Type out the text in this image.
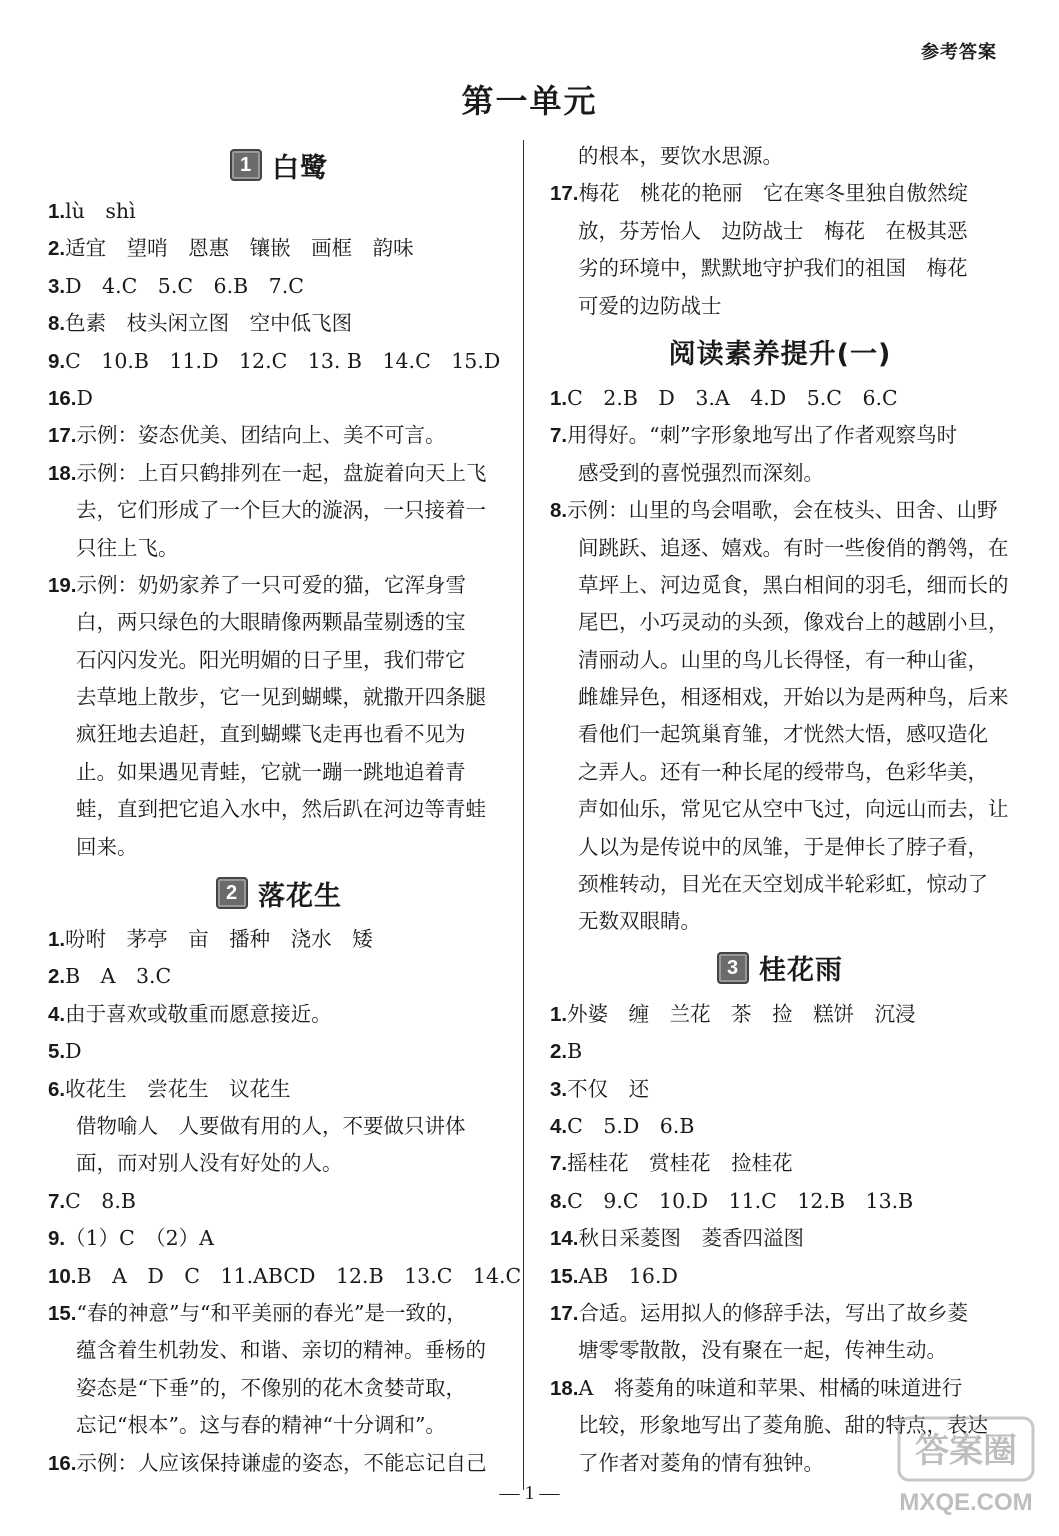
参考答案
第一单元
1 白鹭
1.lù　shì
2.适宜　望哨　恩惠　镶嵌　画框　韵味
3.D　4.C　5.C　6.B　7.C
8.色素　枝头闲立图　空中低飞图
9.C　10.B　11.D　12.C　13. B　14.C　15.D
16.D
17.示例：姿态优美、团结向上、美不可言。
18.示例：上百只鹤排列在一起，盘旋着向天上飞
去，它们形成了一个巨大的漩涡，一只接着一
只往上飞。
19.示例：奶奶家养了一只可爱的猫，它浑身雪
白，两只绿色的大眼睛像两颗晶莹剔透的宝
石闪闪发光。阳光明媚的日子里，我们带它
去草地上散步，它一见到蝴蝶，就撒开四条腿
疯狂地去追赶，直到蝴蝶飞走再也看不见为
止。如果遇见青蛙，它就一蹦一跳地追着青
蛙，直到把它追入水中，然后趴在河边等青蛙
回来。
2 落花生
1.吩咐　茅亭　亩　播种　浇水　矮
2.B　A　3.C
4.由于喜欢或敬重而愿意接近。
5.D
6.收花生　尝花生　议花生
借物喻人　人要做有用的人，不要做只讲体
面，而对别人没有好处的人。
7.C　8.B
9.（1）C　（2）A
10.B　A　D　C　11.ABCD　12.B　13.C　14.C
15.“春的神意”与“和平美丽的春光”是一致的，
蕴含着生机勃发、和谐、亲切的精神。垂杨的
姿态是“下垂”的，不像别的花木贪婪苛取，
忘记“根本”。这与春的精神“十分调和”。
16.示例：人应该保持谦虚的姿态，不能忘记自己
的根本，要饮水思源。
17.梅花　桃花的艳丽　它在寒冬里独自傲然绽
放，芬芳怡人　边防战士　梅花　在极其恶
劣的环境中，默默地守护我们的祖国　梅花
可爱的边防战士
阅读素养提升(一)
1.C　2.B　D　3.A　4.D　5.C　6.C
7.用得好。“刺”字形象地写出了作者观察鸟时
感受到的喜悦强烈而深刻。
8.示例：山里的鸟会唱歌，会在枝头、田舍、山野
间跳跃、追逐、嬉戏。有时一些俊俏的鹡鸰，在
草坪上、河边觅食，黑白相间的羽毛，细而长的
尾巴，小巧灵动的头颈，像戏台上的越剧小旦，
清丽动人。山里的鸟儿长得怪，有一种山雀，
雌雄异色，相逐相戏，开始以为是两种鸟，后来
看他们一起筑巢育雏，才恍然大悟，感叹造化
之弄人。还有一种长尾的绶带鸟，色彩华美，
声如仙乐，常见它从空中飞过，向远山而去，让
人以为是传说中的凤雏，于是伸长了脖子看，
颈椎转动，目光在天空划成半轮彩虹，惊动了
无数双眼睛。
3 桂花雨
1.外婆　缠　兰花　茶　捡　糕饼　沉浸
2.B
3.不仅　还
4.C　5.D　6.B
7.摇桂花　赏桂花　捡桂花
8.C　9.C　10.D　11.C　12.B　13.B
14.秋日采菱图　菱香四溢图
15.AB　16.D
17.合适。运用拟人的修辞手法，写出了故乡菱
塘零零散散，没有聚在一起，传神生动。
18.A　将菱角的味道和苹果、柑橘的味道进行
比较，形象地写出了菱角脆、甜的特点，表达
了作者对菱角的情有独钟。
— 1 —
答案圈
MXQE.COM
